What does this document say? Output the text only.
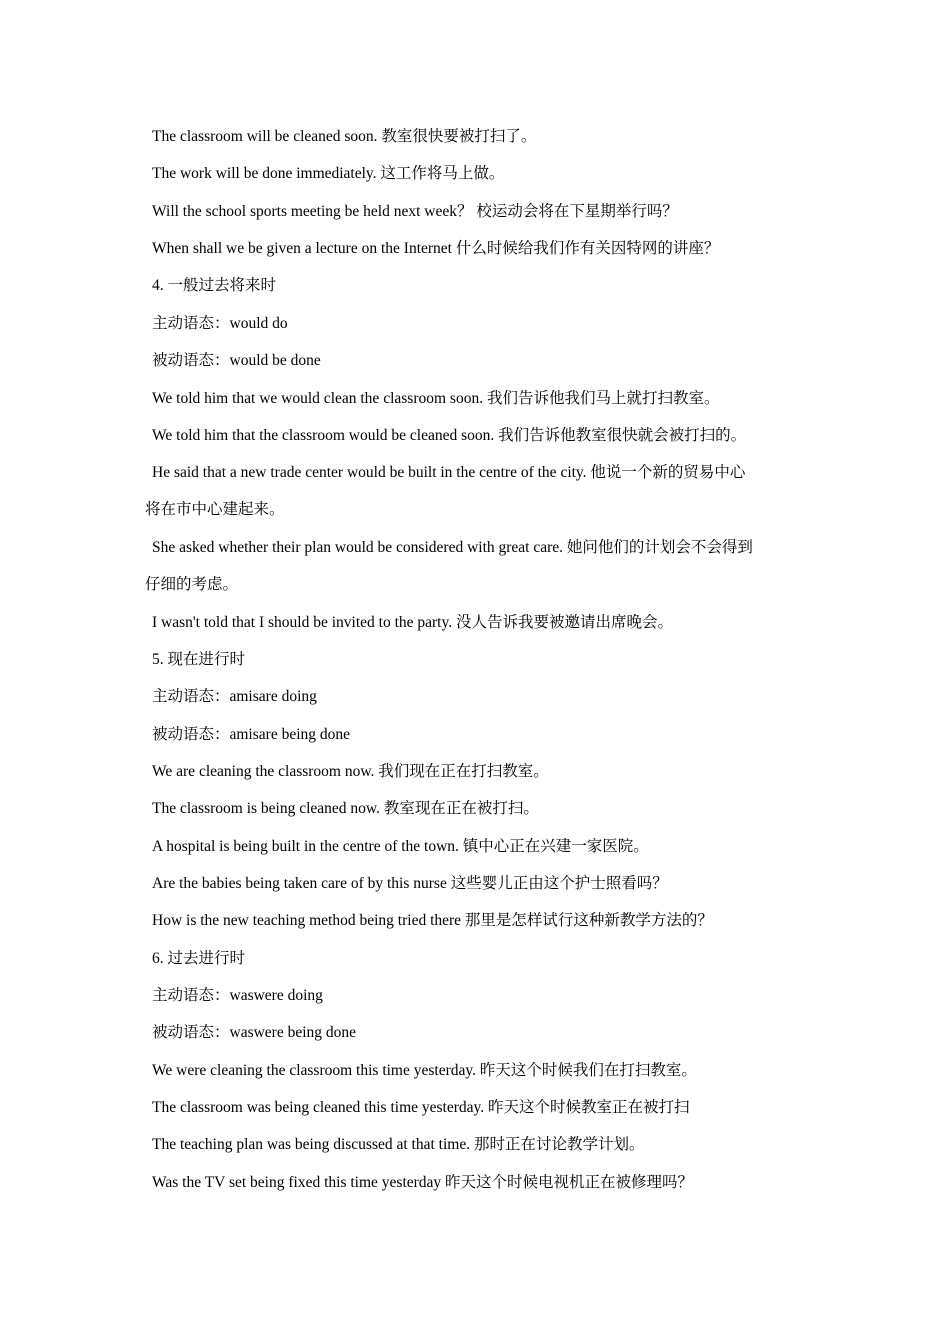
The classroom will be cleaned soon. 教室很快要被打扫了。
The work will be done immediately. 这工作将马上做。
Will the school sports meeting be held next week？ 校运动会将在下星期举行吗？
When shall we be given a lecture on the Internet 什么时候给我们作有关因特网的讲座？
4. 一般过去将来时
主动语态：would do
被动语态：would be done
We told him that we would clean the classroom soon. 我们告诉他我们马上就打扫教室。
We told him that the classroom would be cleaned soon. 我们告诉他教室很快就会被打扫的。
He said that a new trade center would be built in the centre of the city. 他说一个新的贸易中心
将在市中心建起来。
She asked whether their plan would be considered with great care. 她问他们的计划会不会得到
仔细的考虑。
I wasn't told that I should be invited to the party. 没人告诉我要被邀请出席晚会。
5. 现在进行时
主动语态：amisare doing
被动语态：amisare being done
We are cleaning the classroom now. 我们现在正在打扫教室。
The classroom is being cleaned now. 教室现在正在被打扫。
A hospital is being built in the centre of the town. 镇中心正在兴建一家医院。
Are the babies being taken care of by this nurse 这些婴儿正由这个护士照看吗？
How is the new teaching method being tried there 那里是怎样试行这种新教学方法的？
6. 过去进行时
主动语态：waswere doing
被动语态：waswere being done
We were cleaning the classroom this time yesterday. 昨天这个时候我们在打扫教室。
The classroom was being cleaned this time yesterday. 昨天这个时候教室正在被打扫
The teaching plan was being discussed at that time. 那时正在讨论教学计划。
Was the TV set being fixed this time yesterday 昨天这个时候电视机正在被修理吗？
